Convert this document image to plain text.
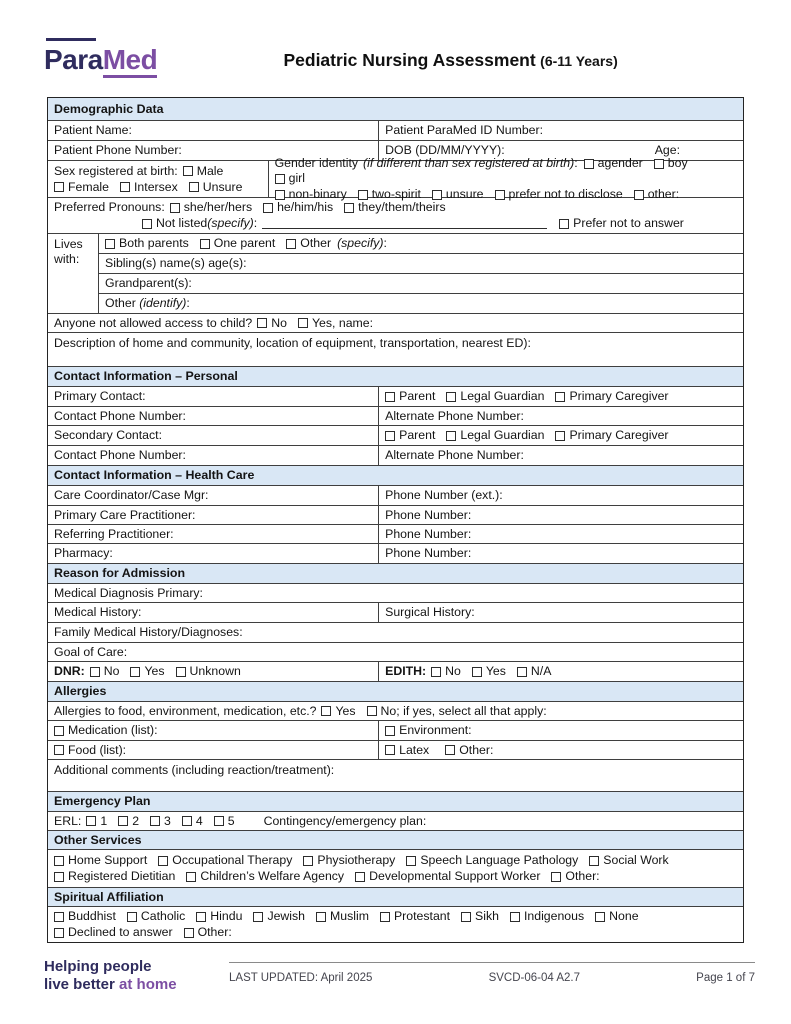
ParaMed	Pediatric Nursing Assessment (6-11 Years)
Demographic Data
Patient Name:	Patient ParaMed ID Number:
Patient Phone Number:	DOB (DD/MM/YYYY):	Age:
Sex registered at birth: Male
Female Intersex Unsure
Gender identity (if different than sex registered at birth) : agender boy
girl
non-binary two-spirit unsure prefer not to disclose other:
Preferred Pronouns: she/her/hers he/him/his they/them/theirs
Not listed (specify) :	Prefer not to answer
Lives with:
Both parents One parent Other (specify) :
Sibling(s) name(s) age(s):
Grandparent(s):
Other (identify) :
Anyone not allowed access to child? No Yes, name:
Description of home and community, location of equipment, transportation, nearest ED):
Contact Information – Personal
Primary Contact:	Parent Legal Guardian Primary Caregiver
Contact Phone Number:	Alternate Phone Number:
Secondary Contact:	Parent Legal Guardian Primary Caregiver
Contact Phone Number:	Alternate Phone Number:
Contact Information – Health Care
Care Coordinator/Case Mgr:	Phone Number (ext.):
Primary Care Practitioner:	Phone Number:
Referring Practitioner:	Phone Number:
Pharmacy:	Phone Number:
Reason for Admission
Medical Diagnosis Primary:
Medical History:	Surgical History:
Family Medical History/Diagnoses:
Goal of Care:
DNR: No Yes Unknown	EDITH: No Yes N/A
Allergies
Allergies to food, environment, medication, etc.? Yes No; if yes, select all that apply:
Medication (list):	Environment:
Food (list):	Latex Other:
Additional comments (including reaction/treatment):
Emergency Plan
ERL: 1 2 3 4 5 Contingency/emergency plan:
Other Services
Home Support Occupational Therapy Physiotherapy Speech Language Pathology Social Work
Registered Dietitian Children’s Welfare Agency Developmental Support Worker Other:
Spiritual Affiliation
Buddhist Catholic Hindu Jewish Muslim Protestant Sikh Indigenous None
Declined to answer Other:
Helping people
live better at home	LAST UPDATED: April 2025	SVCD-06-04 A2.7	Page 1 of 7
